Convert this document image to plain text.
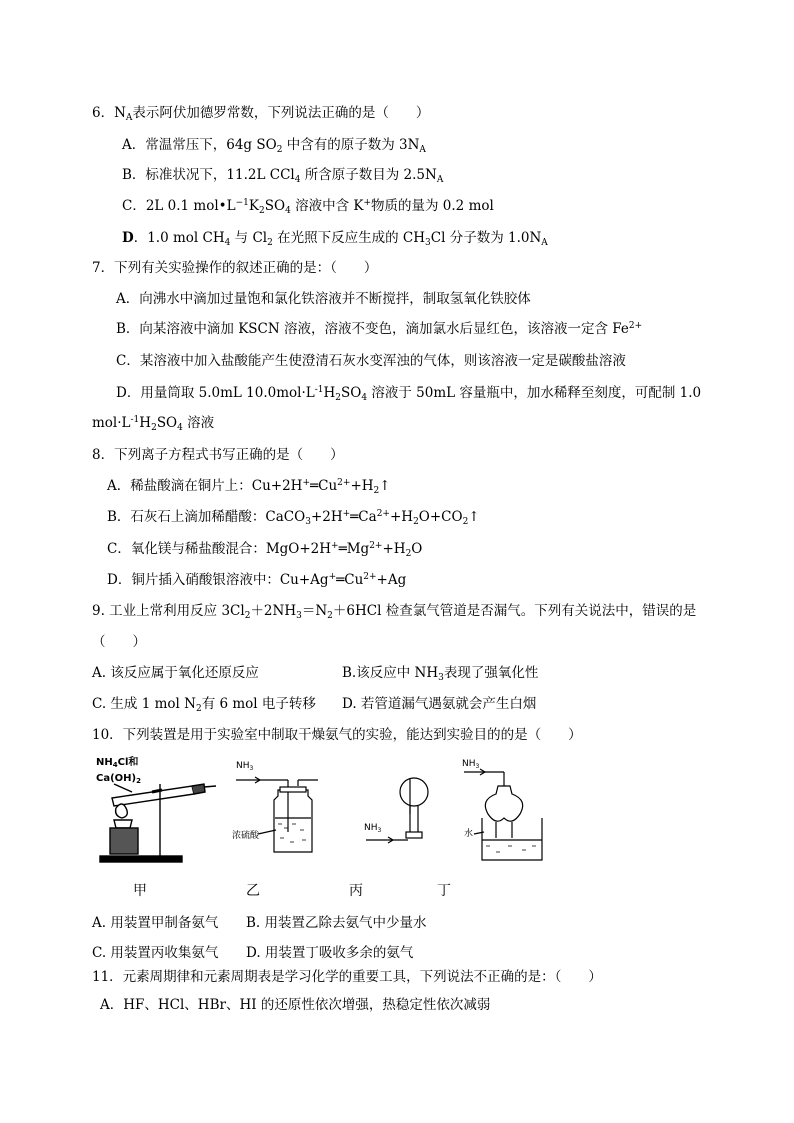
6．$N_A$表示阿伏加德罗常数，下列说法正确的是（　　）
A．常温常压下，64g $SO_2$ 中含有的原子数为 $3N_A$
B．标准状况下，11.2L CCl$_4$ 所含原子数目为 $2.5N_A$
C．2L 0.1 $mol•L^{-1}K_2SO_4$ 溶液中含 K+物质的量为 0.2 mol
D．1.0 mol $CH_4$ 与 $Cl_2$ 在光照下反应生成的 $CH_3Cl$ 分子数为 $1.0N_A$
7．下列有关实验操作的叙述正确的是：（　　）
A．向沸水中滴加过量饱和氯化铁溶液并不断搅拌，制取氢氧化铁胶体
B．向某溶液中滴加 KSCN 溶液，溶液不变色，滴加氯水后显红色，该溶液一定含 $Fe^{2+}$
C．某溶液中加入盐酸能产生使澄清石灰水变浑浊的气体，则该溶液一定是碳酸盐溶液
D．用量筒取 5.0mL $10.0mol\cdot L^{-1}H_2SO_4$ 溶液于 50mL 容量瓶中，加水稀释至刻度，可配制 1.0
$mol\cdot L^{-1}H_2SO_4$ 溶液
8．下列离子方程式书写正确的是（　　）
A．稀盐酸滴在铜片上：$Cu+2H^+═Cu^{2+}+H_2↑$
B．石灰石上滴加稀醋酸：$CaCO_3+2H^+═Ca^{2+}+H_2O+CO_2↑$
C．氧化镁与稀盐酸混合：$MgO+2H^+═Mg^{2+}+H_2O$
D．铜片插入硝酸银溶液中：$Cu+Ag^+═Cu^{2+}+Ag$
9. 工业上常利用反应 $3Cl_2+2NH_3=N_2+6HCl$ 检查氯气管道是否漏气。下列有关说法中，错误的是
（　　）
A. 该反应属于氧化还原反应	B.该反应中 $NH_3$表现了强氧化性
C. 生成 1 mol $N_2$有 6 mol 电子转移 D. 若管道漏气遇氨就会产生白烟
10．下列装置是用于实验室中制取干燥氨气的实验，能达到实验目的的是（　　）
$NH_4Cl$和
$Ca(OH)_2$
$NH_3$
浓硫酸
$NH_3$
$NH_3$
水
甲	乙	丙	丁
A. 用装置甲制备氨气 B. 用装置乙除去氨气中少量水
C. 用装置丙收集氨气 D. 用装置丁吸收多余的氨气
11．元素周期律和元素周期表是学习化学的重要工具，下列说法不正确的是：（　　）
A．HF、HCl、HBr、HI 的还原性依次增强，热稳定性依次减弱
